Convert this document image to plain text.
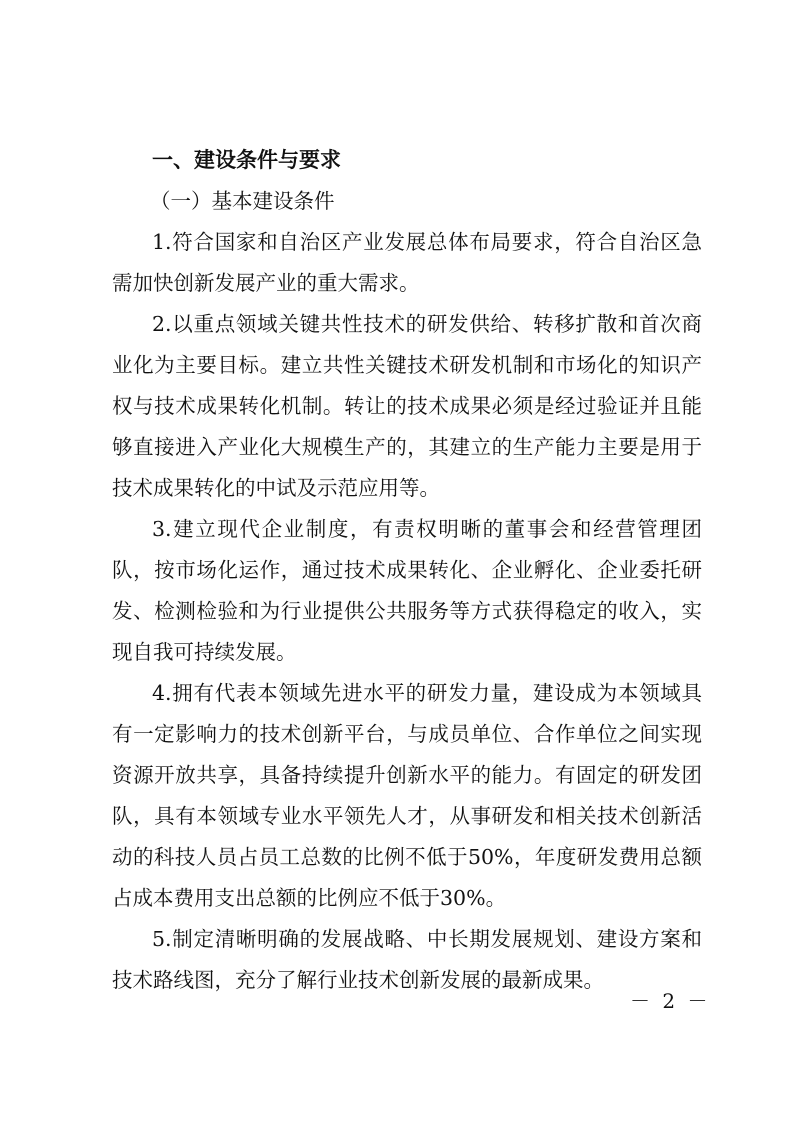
一、建设条件与要求

（一）基本建设条件

1.符合国家和自治区产业发展总体布局要求，符合自治区急需加快创新发展产业的重大需求。

2.以重点领域关键共性技术的研发供给、转移扩散和首次商业化为主要目标。建立共性关键技术研发机制和市场化的知识产权与技术成果转化机制。转让的技术成果必须是经过验证并且能够直接进入产业化大规模生产的，其建立的生产能力主要是用于技术成果转化的中试及示范应用等。

3.建立现代企业制度，有责权明晰的董事会和经营管理团队，按市场化运作，通过技术成果转化、企业孵化、企业委托研发、检测检验和为行业提供公共服务等方式获得稳定的收入，实现自我可持续发展。

4.拥有代表本领域先进水平的研发力量，建设成为本领域具有一定影响力的技术创新平台，与成员单位、合作单位之间实现资源开放共享，具备持续提升创新水平的能力。有固定的研发团队，具有本领域专业水平领先人才，从事研发和相关技术创新活动的科技人员占员工总数的比例不低于50%，年度研发费用总额占成本费用支出总额的比例应不低于30%。

5.制定清晰明确的发展战略、中长期发展规划、建设方案和技术路线图，充分了解行业技术创新发展的最新成果。

－ 2 －
